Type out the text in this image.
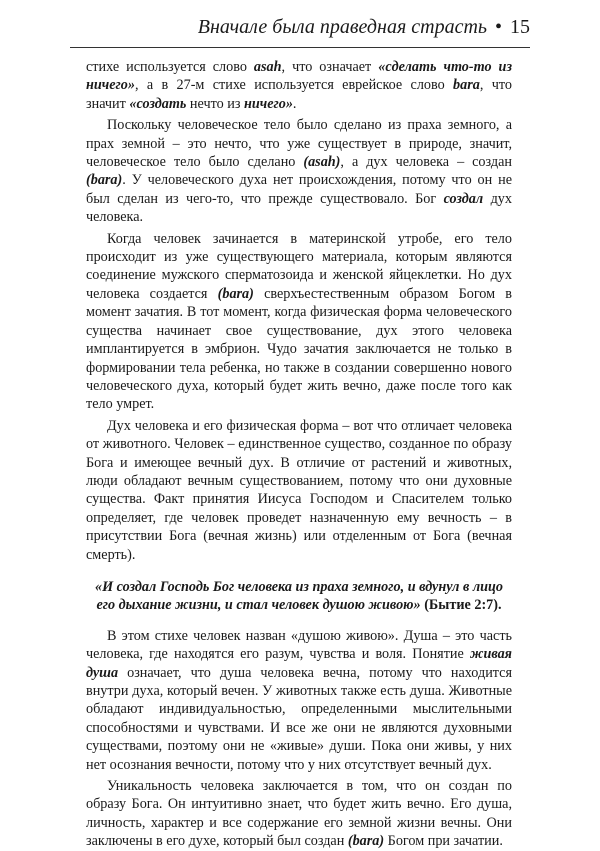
Вначале была праведная страсть • 15

стихе используется слово asah, что означает «сделать что-то из ничего», а в 27-м стихе используется еврейское слово bara, что значит «создать нечто из ничего».

Поскольку человеческое тело было сделано из праха земного, а прах земной – это нечто, что уже существует в природе, значит, человеческое тело было сделано (asah), а дух человека – создан (bara). У человеческого духа нет происхождения, потому что он не был сделан из чего-то, что прежде существовало. Бог создал дух человека.

Когда человек зачинается в материнской утробе, его тело происходит из уже существующего материала, которым являются соединение мужского сперматозоида и женской яйцеклетки. Но дух человека создается (bara) сверхъестественным образом Богом в момент зачатия. В тот момент, когда физическая форма человеческого существа начинает свое существование, дух этого человека имплантируется в эмбрион. Чудо зачатия заключается не только в формировании тела ребенка, но также в создании совершенно нового человеческого духа, который будет жить вечно, даже после того как тело умрет.

Дух человека и его физическая форма – вот что отличает человека от животного. Человек – единственное существо, созданное по образу Бога и имеющее вечный дух. В отличие от растений и животных, люди обладают вечным существованием, потому что они духовные существа. Факт принятия Иисуса Господом и Спасителем только определяет, где человек проведет назначенную ему вечность – в присутствии Бога (вечная жизнь) или отделенным от Бога (вечная смерть).

«И создал Господь Бог человека из праха земного, и вдунул в лицо его дыхание жизни, и стал человек душою живою» (Бытие 2:7).

В этом стихе человек назван «душою живою». Душа – это часть человека, где находятся его разум, чувства и воля. Понятие живая душа означает, что душа человека вечна, потому что находится внутри духа, который вечен. У животных также есть душа. Животные обладают индивидуальностью, определенными мыслительными способностями и чувствами. И все же они не являются духовными существами, поэтому они не «живые» души. Пока они живы, у них нет осознания вечности, потому что у них отсутствует вечный дух.

Уникальность человека заключается в том, что он создан по образу Бога. Он интуитивно знает, что будет жить вечно. Его душа, личность, характер и все содержание его земной жизни вечны. Они заключены в его духе, который был создан (bara) Богом при зачатии.
